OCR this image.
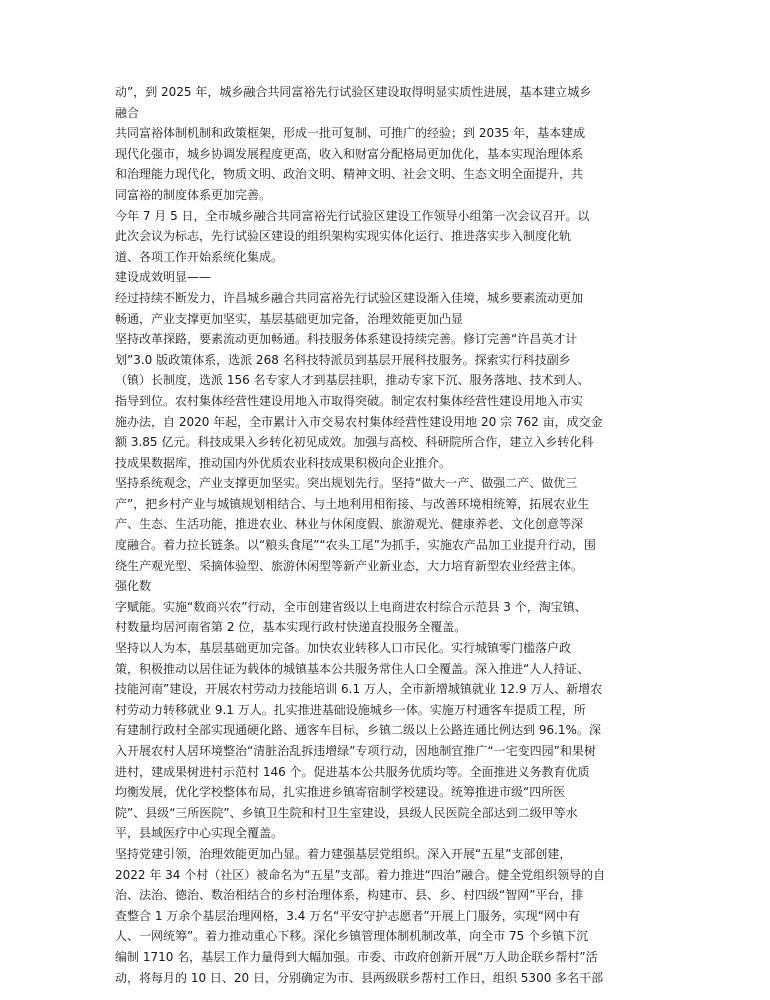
动”，到 2025 年，城乡融合共同富裕先行试验区建设取得明显实质性进展，基本建立城乡
融合
共同富裕体制机制和政策框架，形成一批可复制、可推广的经验；到 2035 年，基本建成
现代化强市，城乡协调发展程度更高，收入和财富分配格局更加优化，基本实现治理体系
和治理能力现代化，物质文明、政治文明、精神文明、社会文明、生态文明全面提升，共
同富裕的制度体系更加完善。
今年 7 月 5 日，全市城乡融合共同富裕先行试验区建设工作领导小组第一次会议召开。以
此次会议为标志，先行试验区建设的组织架构实现实体化运行、推进落实步入制度化轨
道、各项工作开始系统化集成。
建设成效明显——
经过持续不断发力，许昌城乡融合共同富裕先行试验区建设渐入佳境，城乡要素流动更加
畅通，产业支撑更加坚实，基层基础更加完备，治理效能更加凸显
坚持改革探路，要素流动更加畅通。科技服务体系建设持续完善。修订完善“许昌英才计
划”3.0 版政策体系，选派 268 名科技特派员到基层开展科技服务。探索实行科技副乡
（镇）长制度，选派 156 名专家人才到基层挂职，推动专家下沉、服务落地、技术到人、
指导到位。农村集体经营性建设用地入市取得突破。制定农村集体经营性建设用地入市实
施办法，自 2020 年起，全市累计入市交易农村集体经营性建设用地 20 宗 762 亩，成交金
额 3.85 亿元。科技成果入乡转化初见成效。加强与高校、科研院所合作，建立入乡转化科
技成果数据库，推动国内外优质农业科技成果积极向企业推介。
坚持系统观念，产业支撑更加坚实。突出规划先行。坚持“做大一产、做强二产、做优三
产”，把乡村产业与城镇规划相结合、与土地利用相衔接、与改善环境相统筹，拓展农业生
产、生态、生活功能，推进农业、林业与休闲度假、旅游观光、健康养老、文化创意等深
度融合。着力拉长链条。以“粮头食尾”“农头工尾”为抓手，实施农产品加工业提升行动，围
绕生产观光型、采摘体验型、旅游休闲型等新产业新业态，大力培育新型农业经营主体。
强化数
字赋能。实施“数商兴农”行动，全市创建省级以上电商进农村综合示范县 3 个，淘宝镇、
村数量均居河南省第 2 位，基本实现行政村快递直投服务全覆盖。
坚持以人为本，基层基础更加完备。加快农业转移人口市民化。实行城镇零门槛落户政
策，积极推动以居住证为载体的城镇基本公共服务常住人口全覆盖。深入推进“人人持证、
技能河南”建设，开展农村劳动力技能培训 6.1 万人，全市新增城镇就业 12.9 万人、新增农
村劳动力转移就业 9.1 万人。扎实推进基础设施城乡一体。实施万村通客车提质工程，所
有建制行政村全部实现通硬化路、通客车目标，乡镇二级以上公路连通比例达到 96.1%。深
入开展农村人居环境整治“清脏治乱拆违增绿”专项行动，因地制宜推广“一宅变四园”和果树
进村，建成果树进村示范村 146 个。促进基本公共服务优质均等。全面推进义务教育优质
均衡发展，优化学校整体布局，扎实推进乡镇寄宿制学校建设。统筹推进市级“四所医
院”、县级“三所医院”、乡镇卫生院和村卫生室建设，县级人民医院全部达到二级甲等水
平，县域医疗中心实现全覆盖。
坚持党建引领，治理效能更加凸显。着力建强基层党组织。深入开展“五星”支部创建，
2022 年 34 个村（社区）被命名为“五星”支部。着力推进“四治”融合。健全党组织领导的自
治、法治、德治、数治相结合的乡村治理体系，构建市、县、乡、村四级“智网”平台，排
查整合 1 万余个基层治理网格，3.4 万名“平安守护志愿者”开展上门服务，实现“网中有
人、一网统筹”。着力推动重心下移。深化乡镇管理体制机制改革，向全市 75 个乡镇下沉
编制 1710 名，基层工作力量得到大幅加强。市委、市政府创新开展“万人助企联乡帮村”活
动，将每月的 10 日、20 日，分别确定为市、县两级联乡帮村工作日，组织 5300 多名干部
